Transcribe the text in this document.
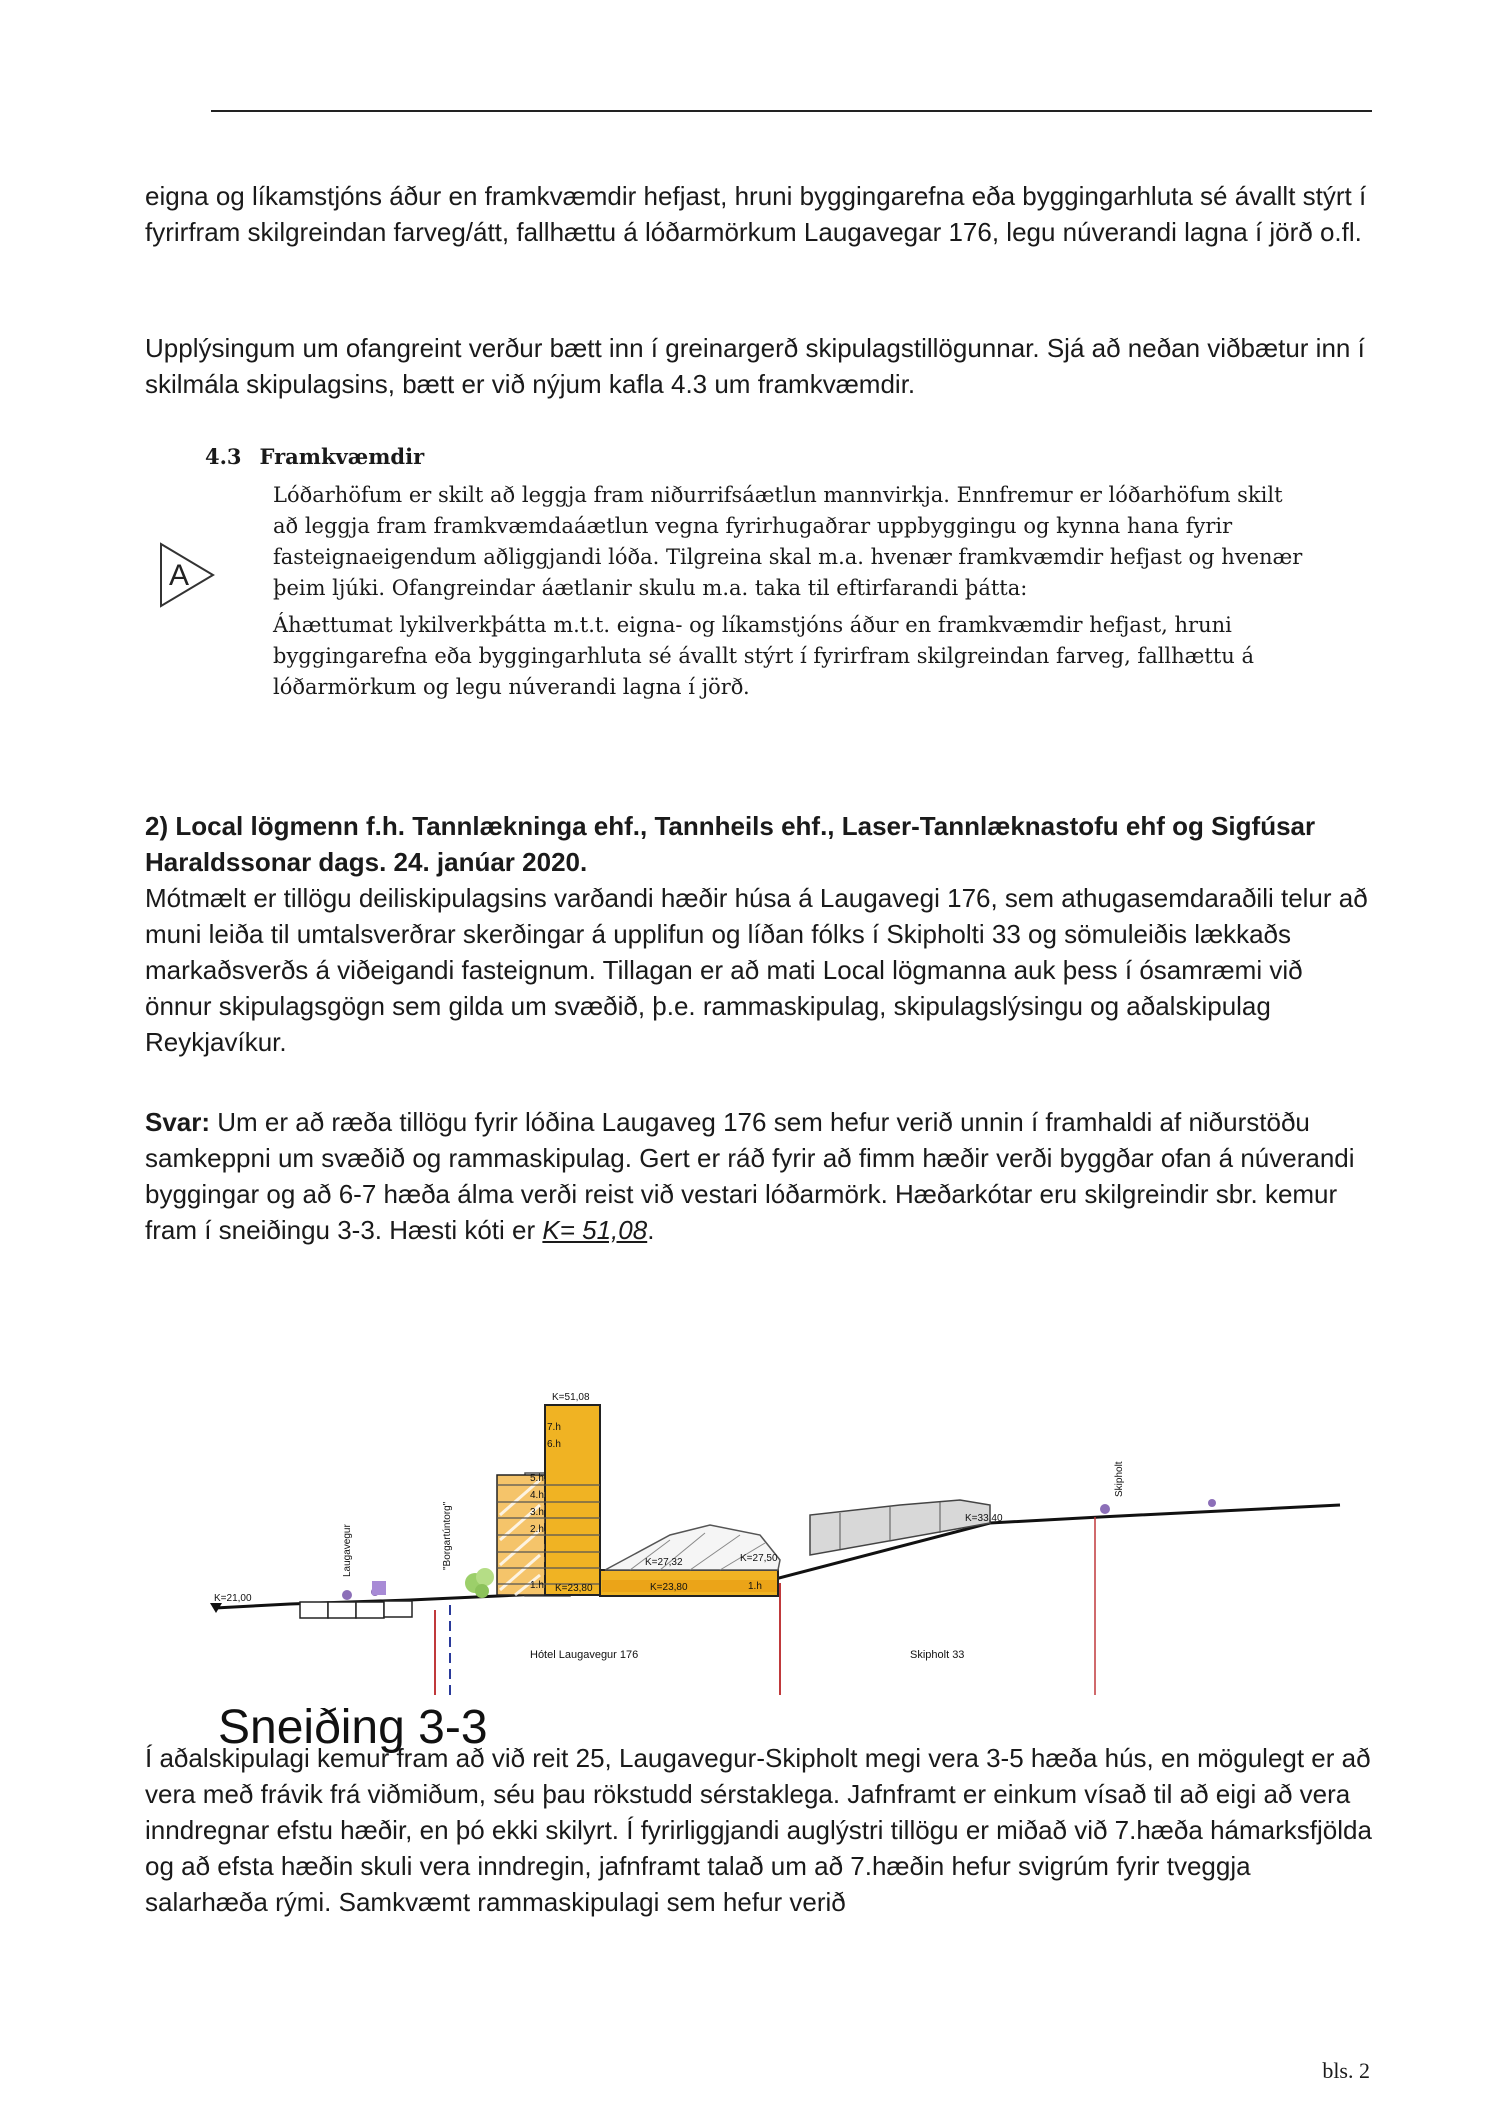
eigna og líkamstjóns áður en framkvæmdir hefjast, hruni byggingarefna eða byggingarhluta sé ávallt stýrt í fyrirfram skilgreindan farveg/átt, fallhættu á lóðarmörkum Laugavegar 176, legu núverandi lagna í jörð o.fl.

Upplýsingum um ofangreint verður bætt inn í greinargerð skipulagstillögunnar. Sjá að neðan viðbætur inn í skilmála skipulagsins, bætt er við nýjum kafla 4.3 um framkvæmdir.

4.3 Framkvæmdir
A

Lóðarhöfum er skilt að leggja fram niðurrifsáætlun mannvirkja. Ennfremur er lóðarhöfum skilt að leggja fram framkvæmdaáætlun vegna fyrirhugaðrar uppbyggingu og kynna hana fyrir fasteignaeigendum aðliggjandi lóða. Tilgreina skal m.a. hvenær framkvæmdir hefjast og hvenær þeim ljúki. Ofangreindar áætlanir skulu m.a. taka til eftirfarandi þátta:

Áhættumat lykilverkþátta m.t.t. eigna- og líkamstjóns áður en framkvæmdir hefjast, hruni byggingarefna eða byggingarhluta sé ávallt stýrt í fyrirfram skilgreindan farveg, fallhættu á lóðarmörkum og legu núverandi lagna í jörð.

2) Local lögmenn f.h. Tannlækninga ehf., Tannheils ehf., Laser-Tannlæknastofu ehf og Sigfúsar Haraldssonar dags. 24. janúar 2020.

Mótmælt er tillögu deiliskipulagsins varðandi hæðir húsa á Laugavegi 176, sem athugasemdaraðili telur að muni leiða til umtalsverðrar skerðingar á upplifun og líðan fólks í Skipholti 33 og sömuleiðis lækkaðs markaðsverðs á viðeigandi fasteignum. Tillagan er að mati Local lögmanna auk þess í ósamræmi við önnur skipulagsgögn sem gilda um svæðið, þ.e. rammaskipulag, skipulagslýsingu og aðalskipulag Reykjavíkur.

Svar: Um er að ræða tillögu fyrir lóðina Laugaveg 176 sem hefur verið unnin í framhaldi af niðurstöðu samkeppni um svæðið og rammaskipulag. Gert er ráð fyrir að fimm hæðir verði byggðar ofan á núverandi byggingar og að 6-7 hæða álma verði reist við vestari lóðarmörk. Hæðarkótar eru skilgreindir sbr. kemur fram í sneiðingu 3-3. Hæsti kóti er K= 51,08.

K=51,08
K=21,00
K=33,40
K=27,32	K=27,50
K=23,80	K=23,80
7.h
6.h
5.h
4.h
3.h
2.h
1.h	1.h
Laugavegur	"Borgartúntorg"
Skipholt
Hótel Laugavegur 176	Skipholt 33
Sneiðing 3-3

Í aðalskipulagi kemur fram að við reit 25, Laugavegur-Skipholt megi vera 3-5 hæða hús, en mögulegt er að vera með frávik frá viðmiðum, séu þau rökstudd sérstaklega. Jafnframt er einkum vísað til að eigi að vera inndregnar efstu hæðir, en þó ekki skilyrt. Í fyrirliggjandi auglýstri tillögu er miðað við 7.hæða hámarksfjölda og að efsta hæðin skuli vera inndregin, jafnframt talað um að 7.hæðin hefur svigrúm fyrir tveggja salarhæða rými. Samkvæmt rammaskipulagi sem hefur verið

bls. 2
